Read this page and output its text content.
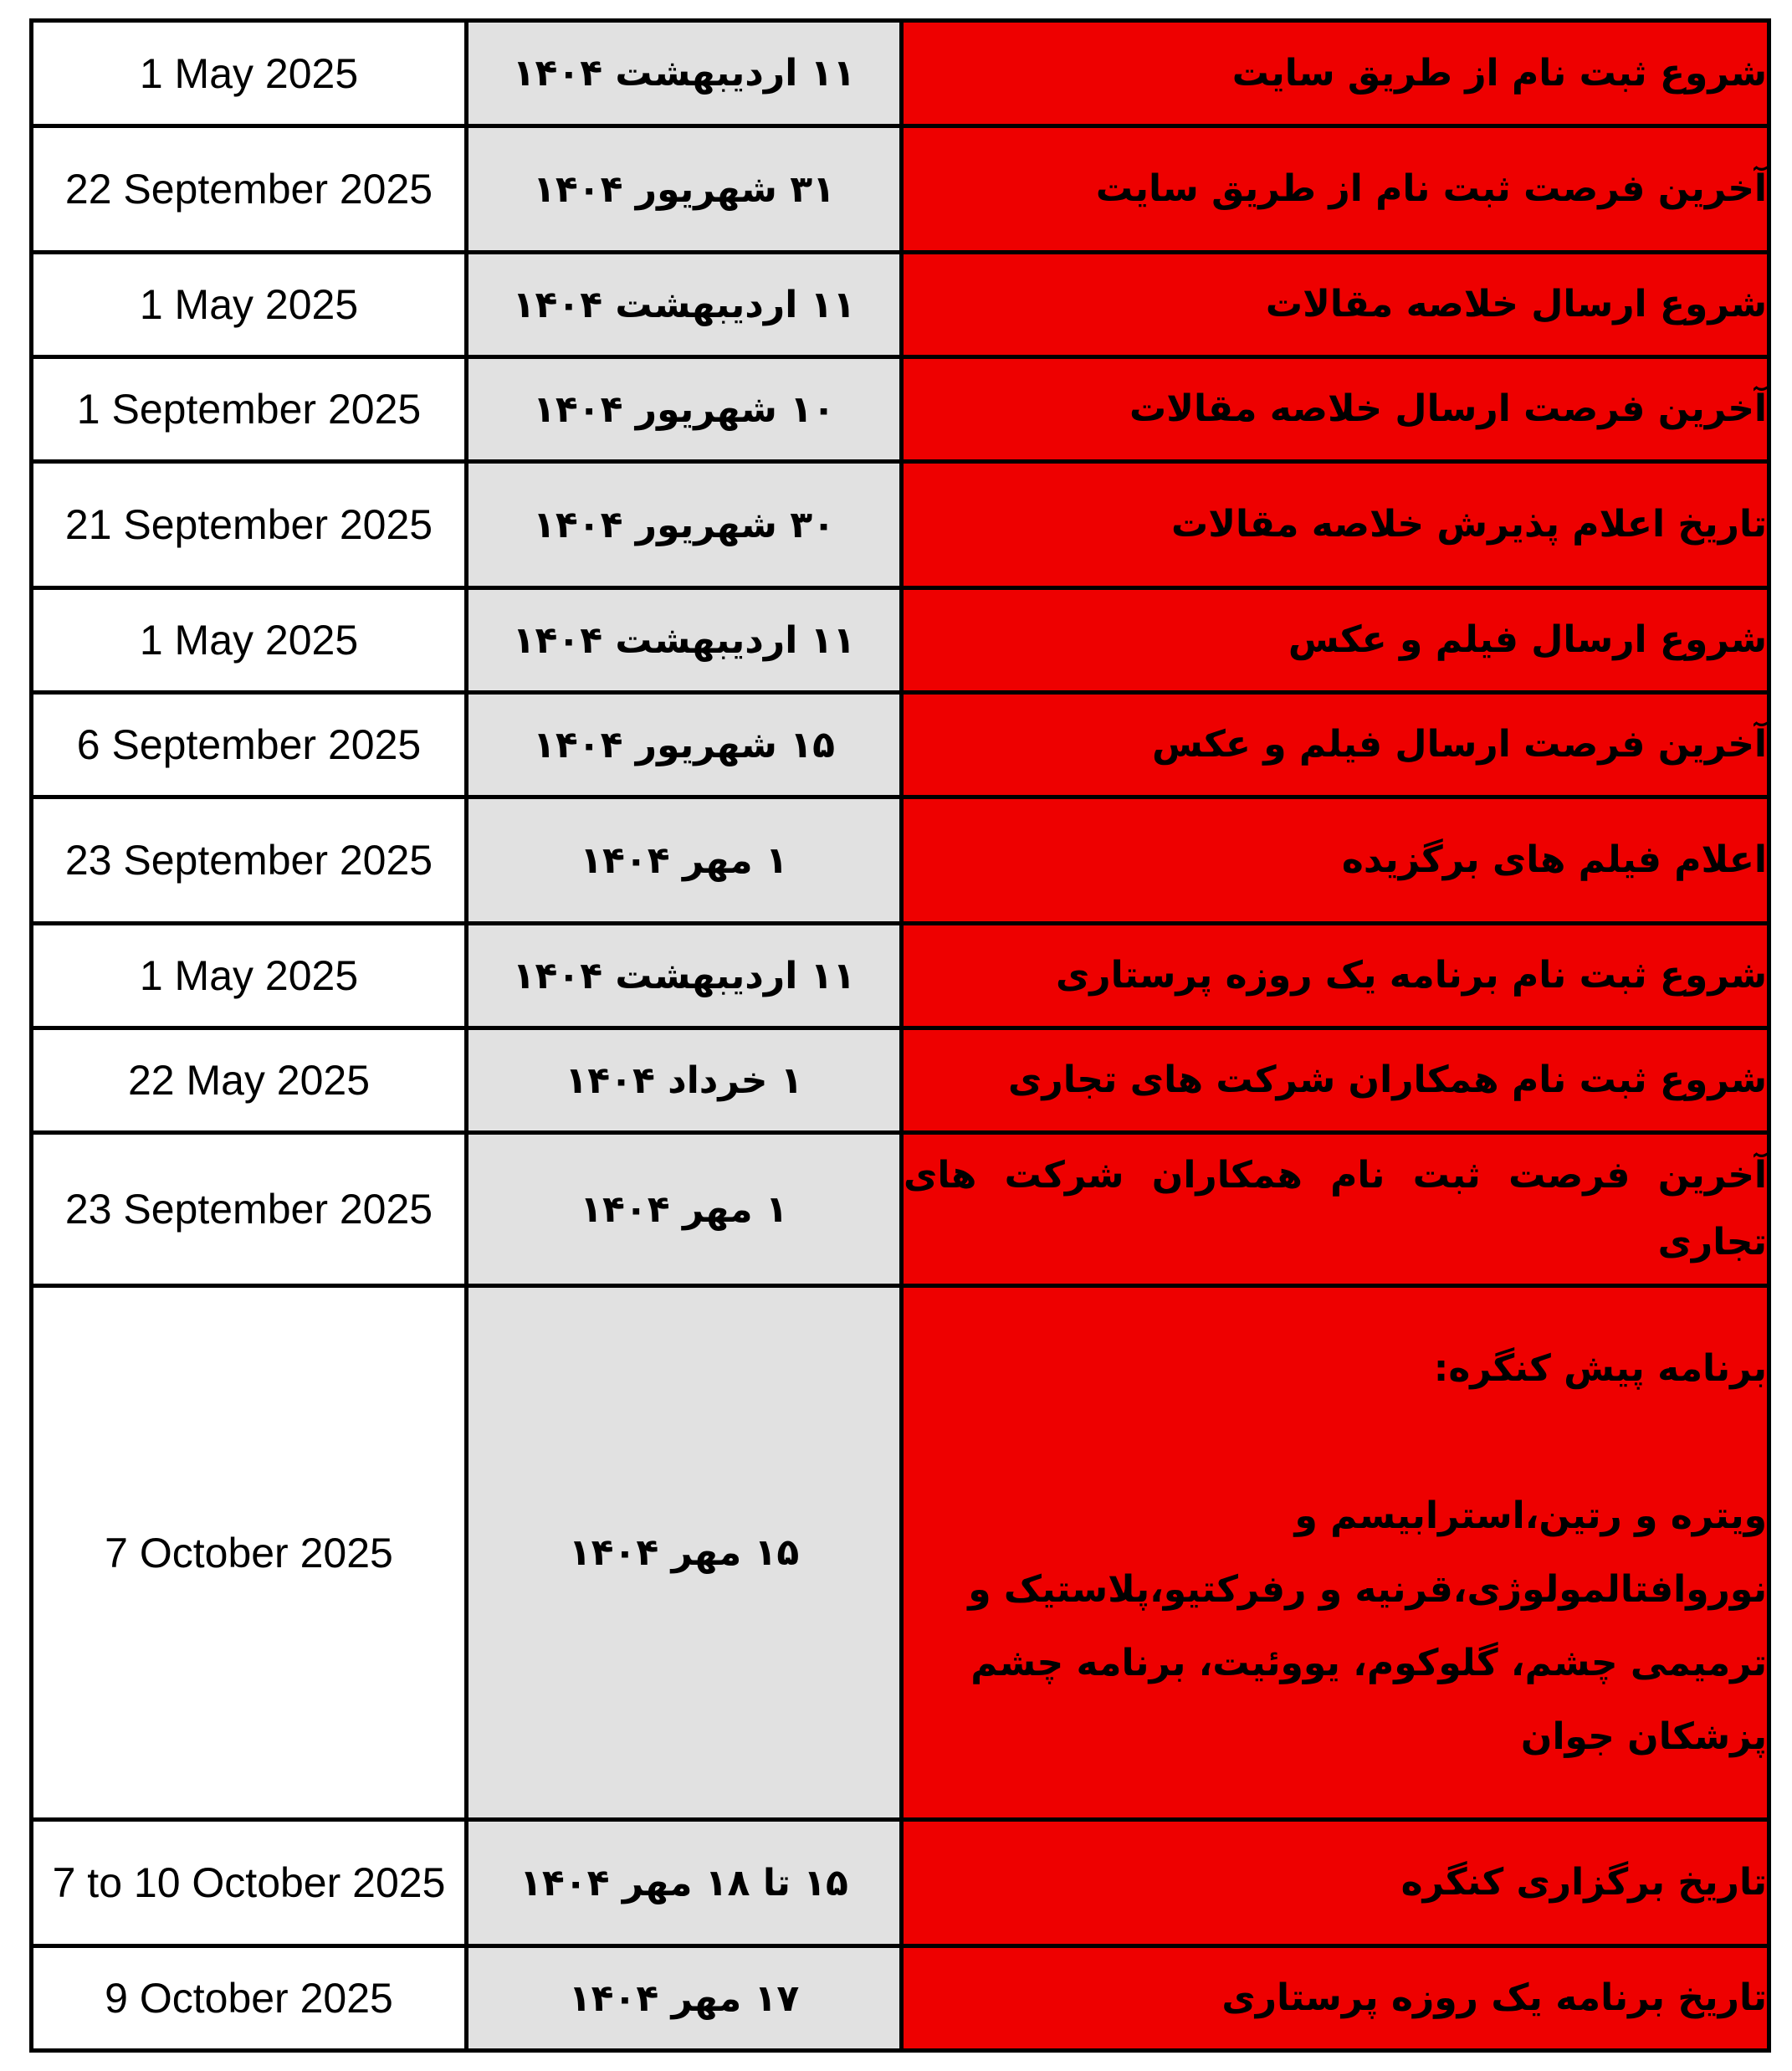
1 May 2025	۱۱ اردیبهشت ۱۴۰۴	شروع ثبت نام از طریق سایت
22 September 2025	۳۱ شهریور ۱۴۰۴	آخرین فرصت ثبت نام از طریق سایت
1 May 2025	۱۱ اردیبهشت ۱۴۰۴	شروع ارسال خلاصه مقالات
1 September 2025	۱۰ شهریور ۱۴۰۴	آخرین فرصت ارسال خلاصه مقالات
21 September 2025	۳۰ شهریور ۱۴۰۴	تاریخ اعلام پذیرش خلاصه مقالات
1 May 2025	۱۱ اردیبهشت ۱۴۰۴	شروع ارسال فیلم و عکس
6 September 2025	۱۵ شهریور ۱۴۰۴	آخرین فرصت ارسال فیلم و عکس
23 September 2025	۱ مهر ۱۴۰۴	اعلام فیلم های برگزیده
1 May 2025	۱۱ اردیبهشت ۱۴۰۴	شروع ثبت نام برنامه یک روزه پرستاری
22 May 2025	۱ خرداد ۱۴۰۴	شروع ثبت نام همکاران شرکت های تجاری
23 September 2025	۱ مهر ۱۴۰۴	آخرین فرصت ثبت نام همکاران شرکت های تجاری
7 October 2025	۱۵ مهر ۱۴۰۴	برنامه پیش کنگره:
ویتره و رتین،استرابیسم و نوروافتالمولوژی،قرنیه و رفرکتیو،پلاستیک و ترمیمی چشم، گلوکوم، یووئیت، برنامه چشم پزشکان جوان

7 to 10 October 2025	۱۵ تا ۱۸ مهر ۱۴۰۴	تاریخ برگزاری کنگره
9 October 2025	۱۷ مهر ۱۴۰۴	تاریخ برنامه یک روزه پرستاری
